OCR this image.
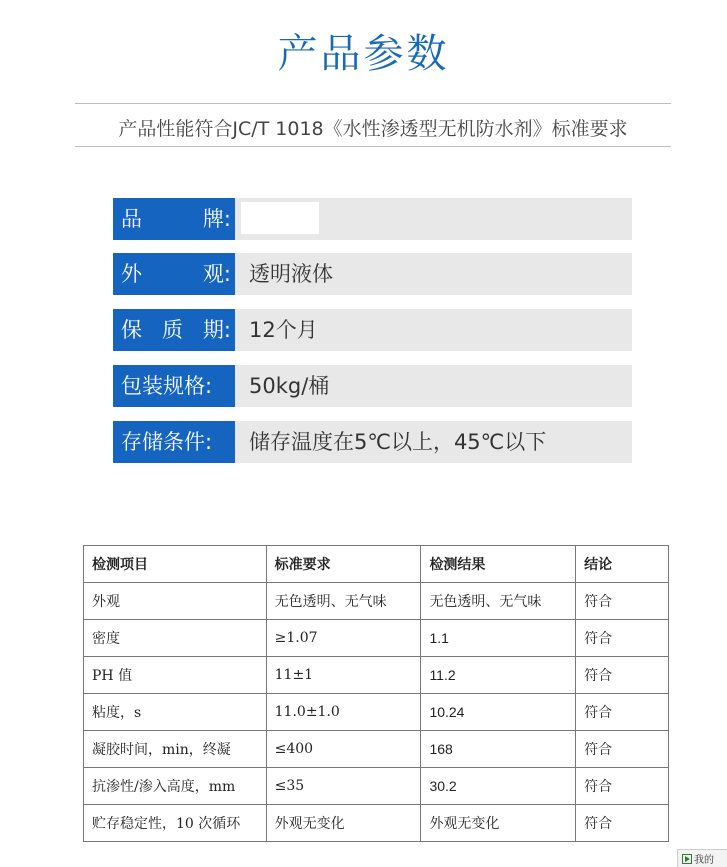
产品参数
产品性能符合JC/T 1018《水性渗透型无机防水剂》标准要求
品	牌:
外	观: 透明液体
保 质 期: 12个月
包装规格:	50kg/桶
存储条件:	储存温度在5℃以上，45℃以下
检测项目	标准要求	检测结果	结论
外观	无色透明、无气味	无色透明、无气味	符合
密度	≥1.07	1.1	符合
PH 值	11±1	11.2	符合
粘度，s	11.0±1.0	10.24	符合
凝胶时间，min，终凝	≤400	168	符合
抗渗性/渗入高度，mm	≤35	30.2	符合
贮存稳定性，10 次循环	外观无变化	外观无变化	符合
我的
